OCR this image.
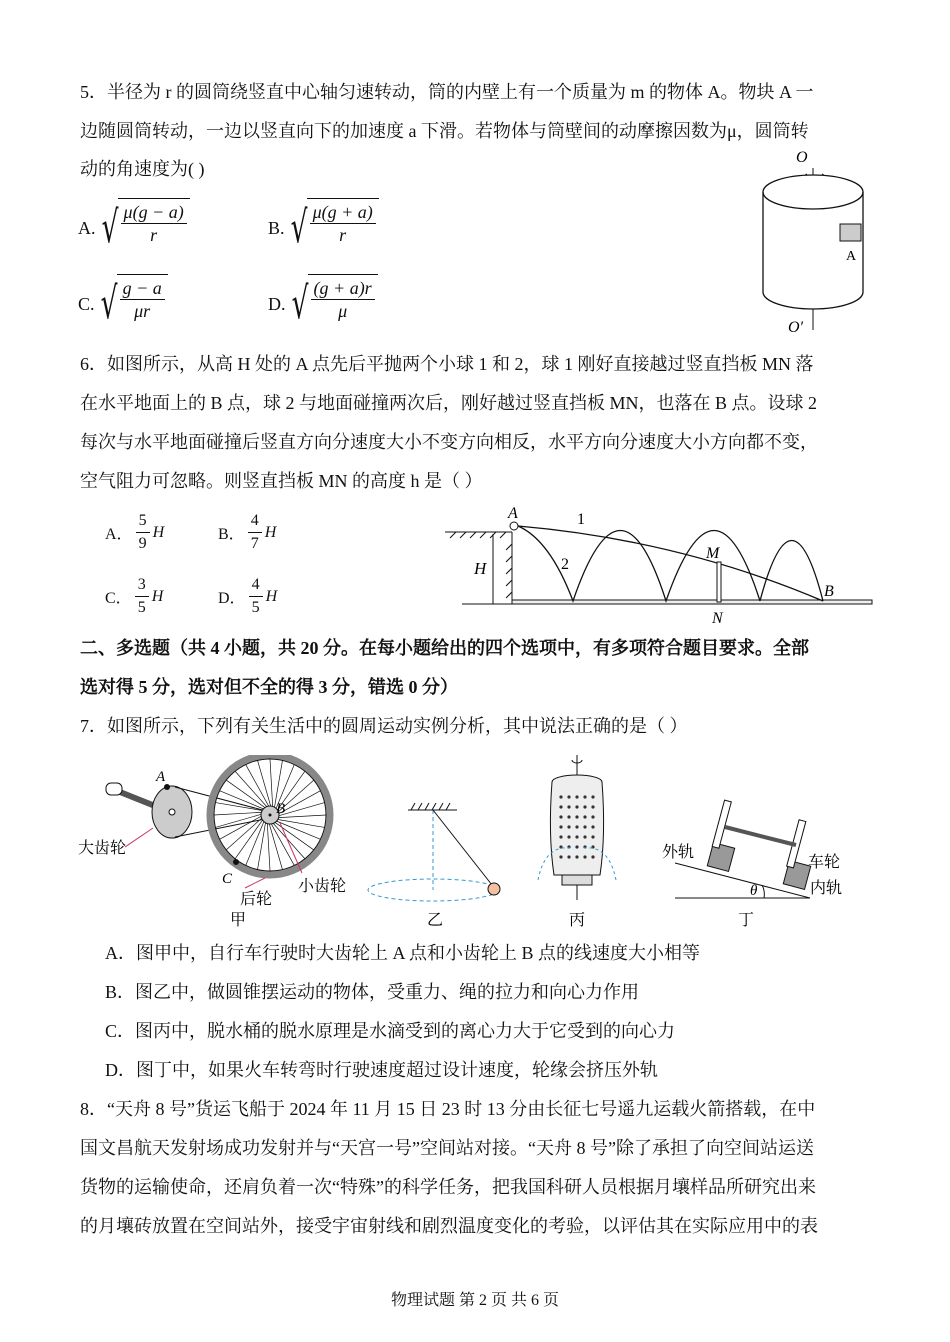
5．半径为 r 的圆筒绕竖直中心轴匀速转动，筒的内壁上有一个质量为 m 的物体 A。物块 A 一
边随圆筒转动，一边以竖直向下的加速度 a 下滑。若物体与筒壁间的动摩擦因数为μ，圆筒转
动的角速度为( )
A. √ $\frac{\mu(g - a)}{r}$	B. √ $\frac{\mu(g + a)}{r}$
C. √ $\frac{g - a}{\mu r}$	D. √ $\frac{(g + a)r}{\mu}$
O
A
O′
6．如图所示，从高 H 处的 A 点先后平抛两个小球 1 和 2，球 1 刚好直接越过竖直挡板 MN 落
在水平地面上的 B 点，球 2 与地面碰撞两次后，刚好越过竖直挡板 MN，也落在 B 点。设球 2
每次与水平地面碰撞后竖直方向分速度大小不变方向相反，水平方向分速度大小方向都不变，
空气阻力可忽略。则竖直挡板 MN 的高度 h 是（ ）
A． $\frac{5}{9}$ H	B． $\frac{4}{7}$ H
C． $\frac{3}{5}$ H	D． $\frac{4}{5}$ H
H
A	1
2
M
N
B
二、多选题（共 4 小题，共 20 分。在每小题给出的四个选项中，有多项符合题目要求。全部
选对得 5 分，选对但不全的得 3 分，错选 0 分）
7．如图所示，下列有关生活中的圆周运动实例分析，其中说法正确的是（ ）
A
B
C
大齿轮
后轮
小齿轮
甲	乙	丙
外轨
车轮
内轨
θ
丁
A．图甲中，自行车行驶时大齿轮上 A 点和小齿轮上 B 点的线速度大小相等
B．图乙中，做圆锥摆运动的物体，受重力、绳的拉力和向心力作用
C．图丙中，脱水桶的脱水原理是水滴受到的离心力大于它受到的向心力
D．图丁中，如果火车转弯时行驶速度超过设计速度，轮缘会挤压外轨
8．“天舟 8 号”货运飞船于 2024 年 11 月 15 日 23 时 13 分由长征七号遥九运载火箭搭载，在中
国文昌航天发射场成功发射并与“天宫一号”空间站对接。“天舟 8 号”除了承担了向空间站运送
货物的运输使命，还肩负着一次“特殊”的科学任务，把我国科研人员根据月壤样品所研究出来
的月壤砖放置在空间站外，接受宇宙射线和剧烈温度变化的考验，以评估其在实际应用中的表
物理试题 第 2 页 共 6 页
